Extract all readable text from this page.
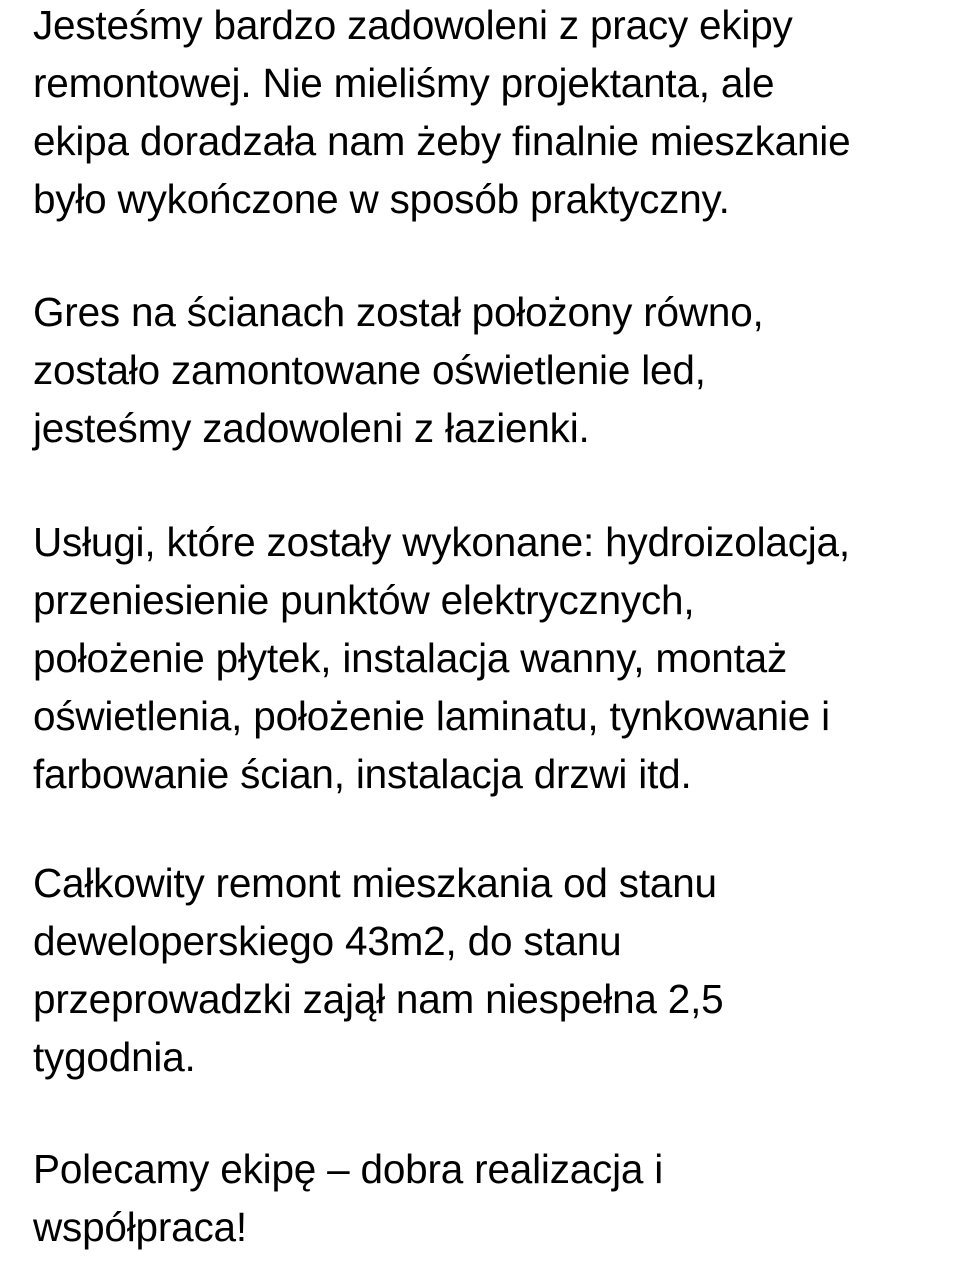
Jesteśmy bardzo zadowoleni z pracy ekipy
remontowej. Nie mieliśmy projektanta, ale
ekipa doradzała nam żeby finalnie mieszkanie
było wykończone w sposób praktyczny.

Gres na ścianach został położony równo,
zostało zamontowane oświetlenie led,
jesteśmy zadowoleni z łazienki.

Usługi, które zostały wykonane: hydroizolacja,
przeniesienie punktów elektrycznych,
położenie płytek, instalacja wanny, montaż
oświetlenia, położenie laminatu, tynkowanie i
farbowanie ścian, instalacja drzwi itd.

Całkowity remont mieszkania od stanu
deweloperskiego 43m2, do stanu
przeprowadzki zajął nam niespełna 2,5
tygodnia.

Polecamy ekipę – dobra realizacja i
współpraca!
